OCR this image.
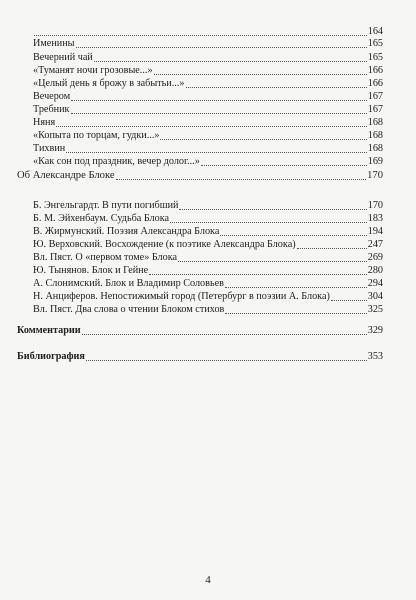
164
Именины	165
Вечерний чай	165
«Туманят ночи грозовые...»	166
«Целый день я брожу в забытьи...»	166
Вечером	167
Требник	167
Няня	168
«Копыта по торцам, гудки...»	168
Тихвин	168
«Как сон под праздник, вечер долог...»	169
Об Александре Блоке	170
Б. Энгельгардт. В пути погибший	170
Б. М. Эйхенбаум. Судьба Блока	183
В. Жирмунский. Поэзия Александра Блока	194
Ю. Верховский. Восхождение (к поэтике Александра Блока)	247
Вл. Пяст. О «первом томе» Блока	269
Ю. Тынянов. Блок и Гейне	280
А. Слонимский. Блок и Владимир Соловьев	294
Н. Анциферов. Непостижимый город (Петербург в поэзии А. Блока)	304
Вл. Пяст. Два слова о чтении Блоком стихов	325
Комментарии	329
Библиография	353
4
